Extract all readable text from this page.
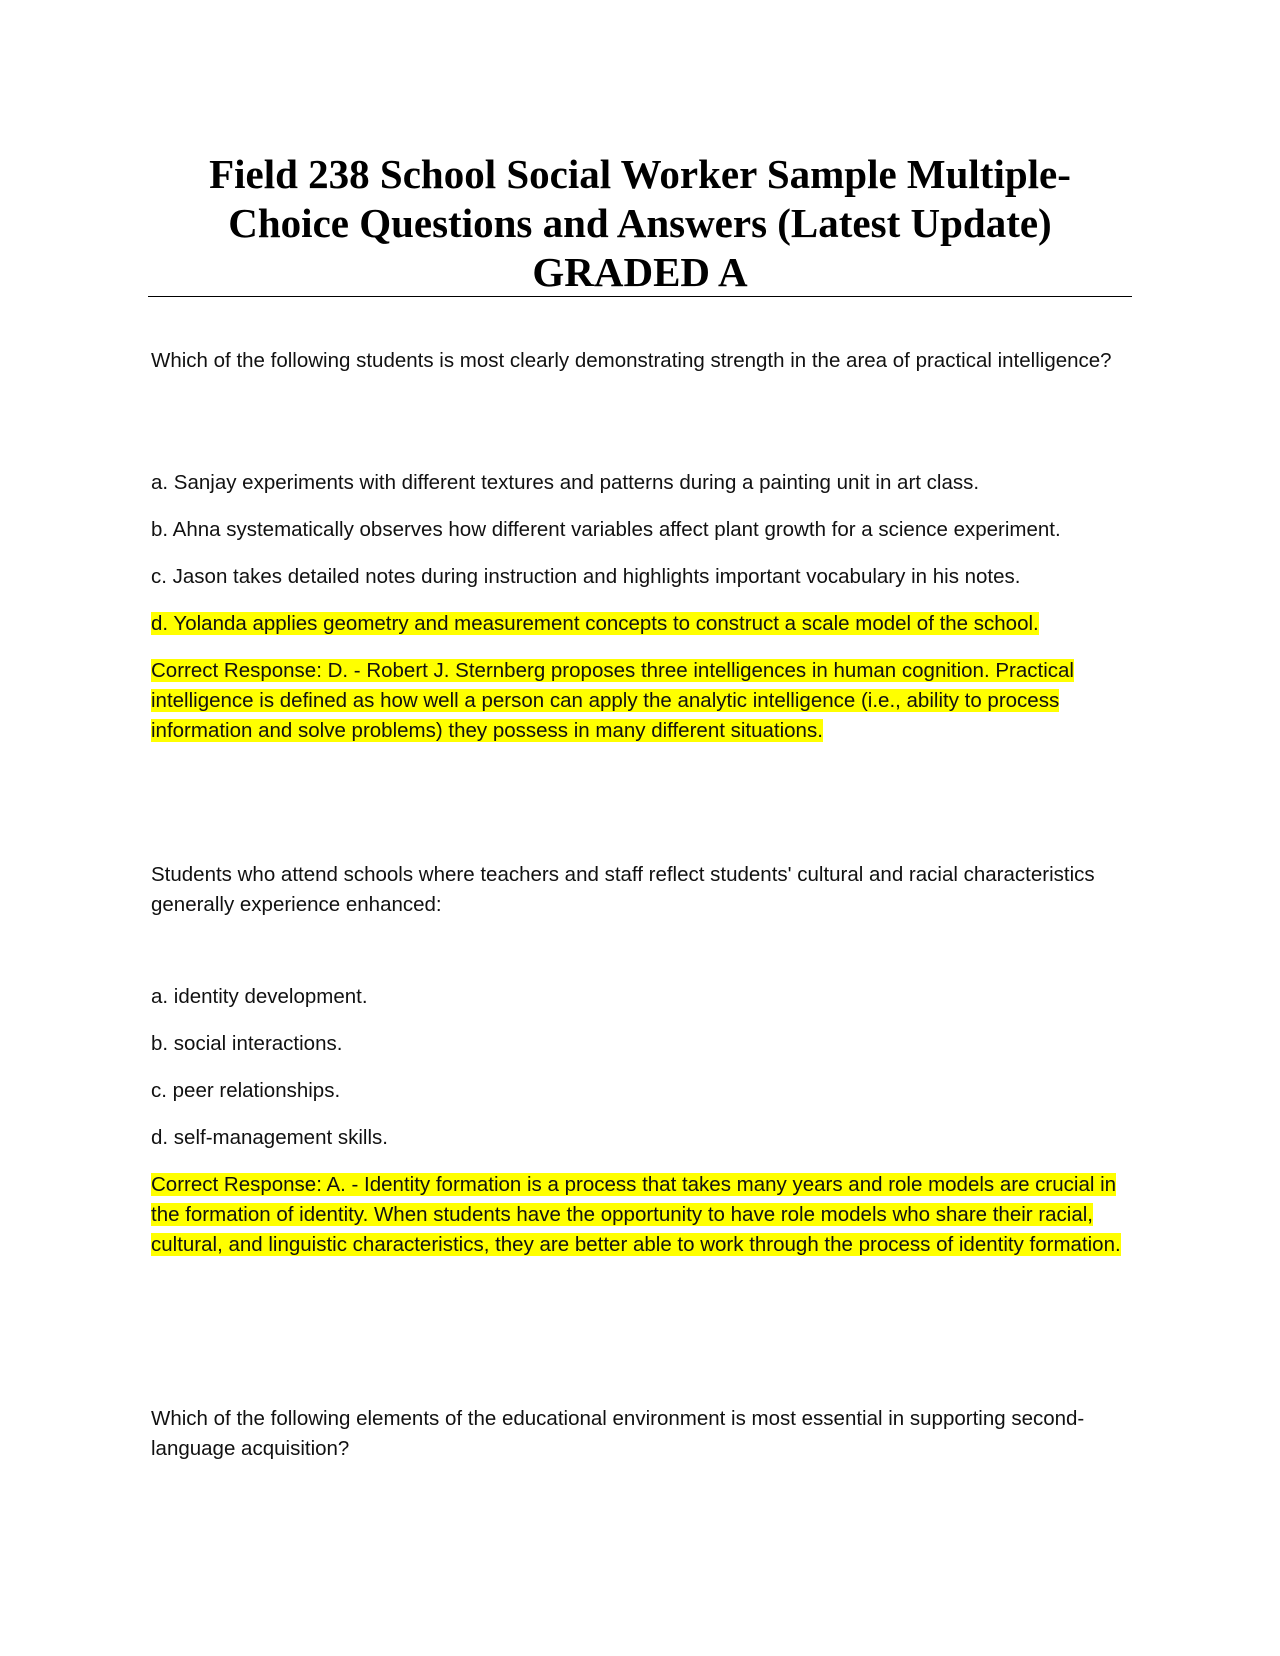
Field 238 School Social Worker Sample Multiple-
Choice Questions and Answers (Latest Update)
GRADED A

Which of the following students is most clearly demonstrating strength in the area of practical intelligence?

a. Sanjay experiments with different textures and patterns during a painting unit in art class.

b. Ahna systematically observes how different variables affect plant growth for a science experiment.

c. Jason takes detailed notes during instruction and highlights important vocabulary in his notes.

d. Yolanda applies geometry and measurement concepts to construct a scale model of the school.

Correct Response: D. - Robert J. Sternberg proposes three intelligences in human cognition. Practical intelligence is defined as how well a person can apply the analytic intelligence (i.e., ability to process information and solve problems) they possess in many different situations.

Students who attend schools where teachers and staff reflect students' cultural and racial characteristics generally experience enhanced:

a. identity development.

b. social interactions.

c. peer relationships.

d. self-management skills.

Correct Response: A. - Identity formation is a process that takes many years and role models are crucial in the formation of identity. When students have the opportunity to have role models who share their racial, cultural, and linguistic characteristics, they are better able to work through the process of identity formation.

Which of the following elements of the educational environment is most essential in supporting second-language acquisition?
